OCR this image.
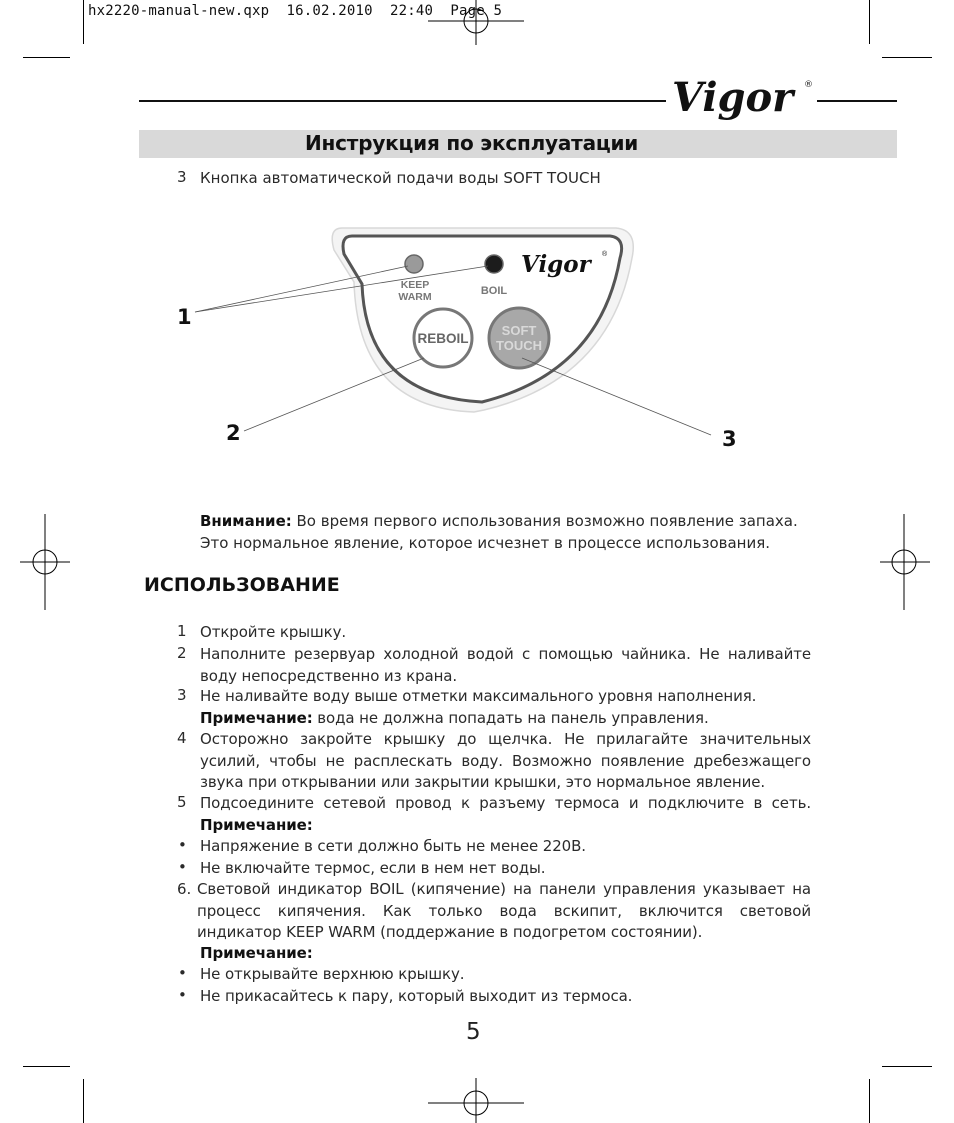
hx2220-manual-new.qxp  16.02.2010  22:40  Page 5
Vigor ®
Инструкция по эксплуатации
3 Кнопка автоматической подачи воды SOFT TOUCH
KEEP
WARM	BOIL
Vigor ®
REBOIL
SOFT
TOUCH
1
2	3
Внимание: Во время первого использования возможно появление запаха.
Это нормальное явление, которое исчезнет в процессе использования.
ИСПОЛЬЗОВАНИЕ
1 Откройте крышку.
2 Наполните резервуар холодной водой с помощью чайника. Не наливайте воду непосредственно из крана.
3 Не наливайте воду выше отметки максимального уровня наполнения.
Примечание: вода не должна попадать на панель управления.
4 Осторожно закройте крышку до щелчка. Не прилагайте значительных усилий, чтобы не расплескать воду. Возможно появление дребезжащего звука при открывании или закрытии крышки, это нормальное явление.
5 Подсоедините сетевой провод к разъему термоса и подключите в сеть.
Примечание:
• Напряжение в сети должно быть не менее 220В.
• Не включайте термос, если в нем нет воды.
6. Световой индикатор BOIL (кипячение) на панели управления указывает на процесс кипячения. Как только вода вскипит, включится световой индикатор KEEP WARM (поддержание в подогретом состоянии).
Примечание:
• Не открывайте верхнюю крышку.
• Не прикасайтесь к пару, который выходит из термоса.
5
